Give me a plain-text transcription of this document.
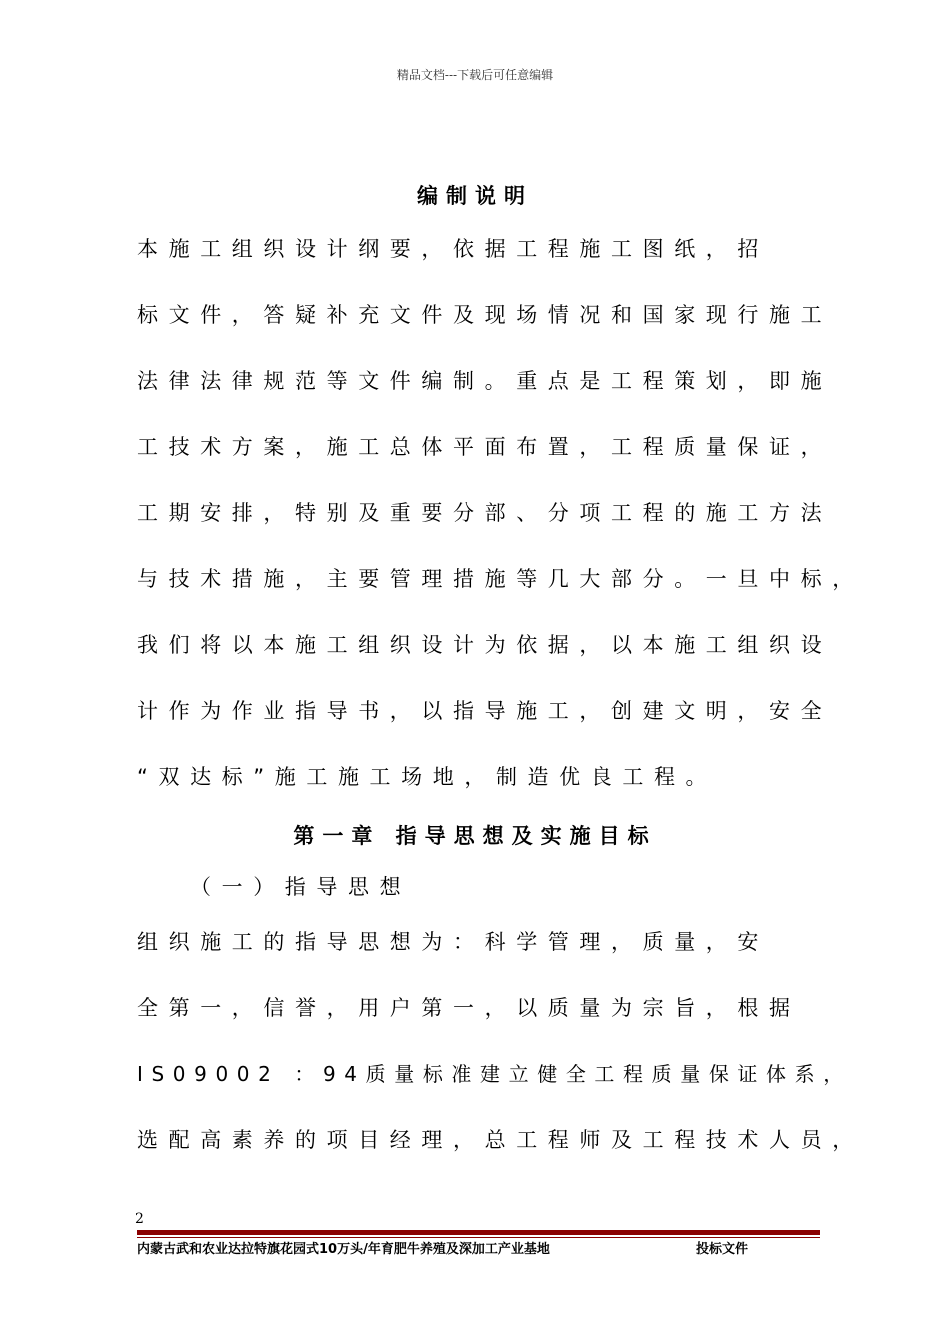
精品文档---下载后可任意编辑
编制说明
本施工组织设计纲要，依据工程施工图纸，招
标文件，答疑补充文件及现场情况和国家现行施工
法律法律规范等文件编制。重点是工程策划，即施
工技术方案，施工总体平面布置，工程质量保证，
工期安排，特别及重要分部、分项工程的施工方法
与技术措施，主要管理措施等几大部分。一旦中标，
我们将以本施工组织设计为依据，以本施工组织设
计作为作业指导书，以指导施工，创建文明，安全
“双达标”施工施工场地，制造优良工程。
第一章 指导思想及实施目标
（一）指导思想
组织施工的指导思想为：科学管理，质量，安
全第一，信誉，用户第一，以质量为宗旨，根据
IS09002 ：94质量标准建立健全工程质量保证体系，
选配高素养的项目经理，总工程师及工程技术人员，
2
内蒙古武和农业达拉特旗花园式10万头/年育肥牛养殖及深加工产业基地	投标文件
